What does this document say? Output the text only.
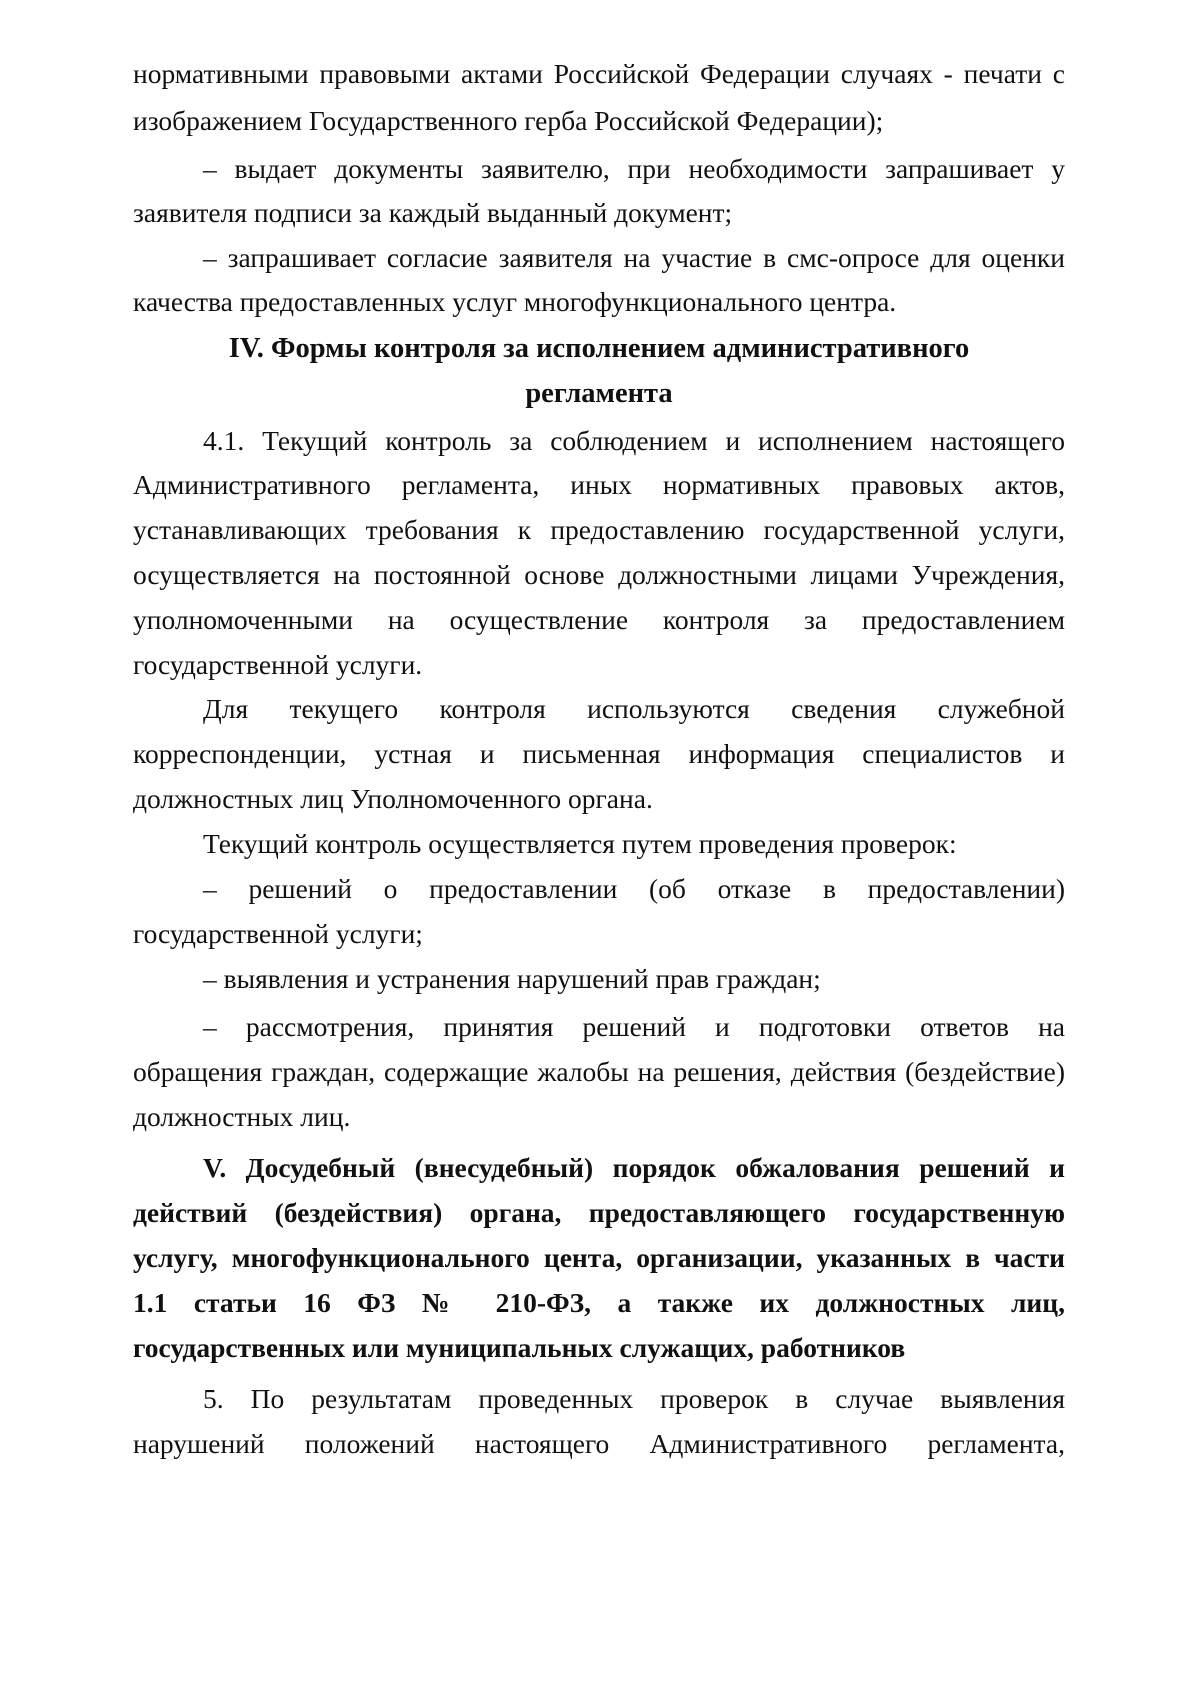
нормативными правовыми актами Российской Федерации случаях - печати с

изображением Государственного герба Российской Федерации);

– выдает документы заявителю, при необходимости запрашивает у

заявителя подписи за каждый выданный документ;

– запрашивает согласие заявителя на участие в смс-опросе для оценки

качества предоставленных услуг многофункционального центра.

IV. Формы контроля за исполнением административного

регламента

4.1. Текущий контроль за соблюдением и исполнением настоящего

Административного регламента, иных нормативных правовых актов,

устанавливающих требования к предоставлению государственной услуги,

осуществляется на постоянной основе должностными лицами Учреждения,

уполномоченными на осуществление контроля за предоставлением

государственной услуги.

Для текущего контроля используются сведения служебной

корреспонденции, устная и письменная информация специалистов и

должностных лиц Уполномоченного органа.

Текущий контроль осуществляется путем проведения проверок:

– решений о предоставлении (об отказе в предоставлении)

государственной услуги;

– выявления и устранения нарушений прав граждан;

– рассмотрения, принятия решений и подготовки ответов на

обращения граждан, содержащие жалобы на решения, действия (бездействие)

должностных лиц.

V. Досудебный (внесудебный) порядок обжалования решений и

действий (бездействия) органа, предоставляющего государственную

услугу, многофункционального цента, организации, указанных в части

1.1 статьи 16 ФЗ № 210-ФЗ, а также их должностных лиц,

государственных или муниципальных служащих, работников

5. По результатам проведенных проверок в случае выявления

нарушений положений настоящего Административного регламента,
